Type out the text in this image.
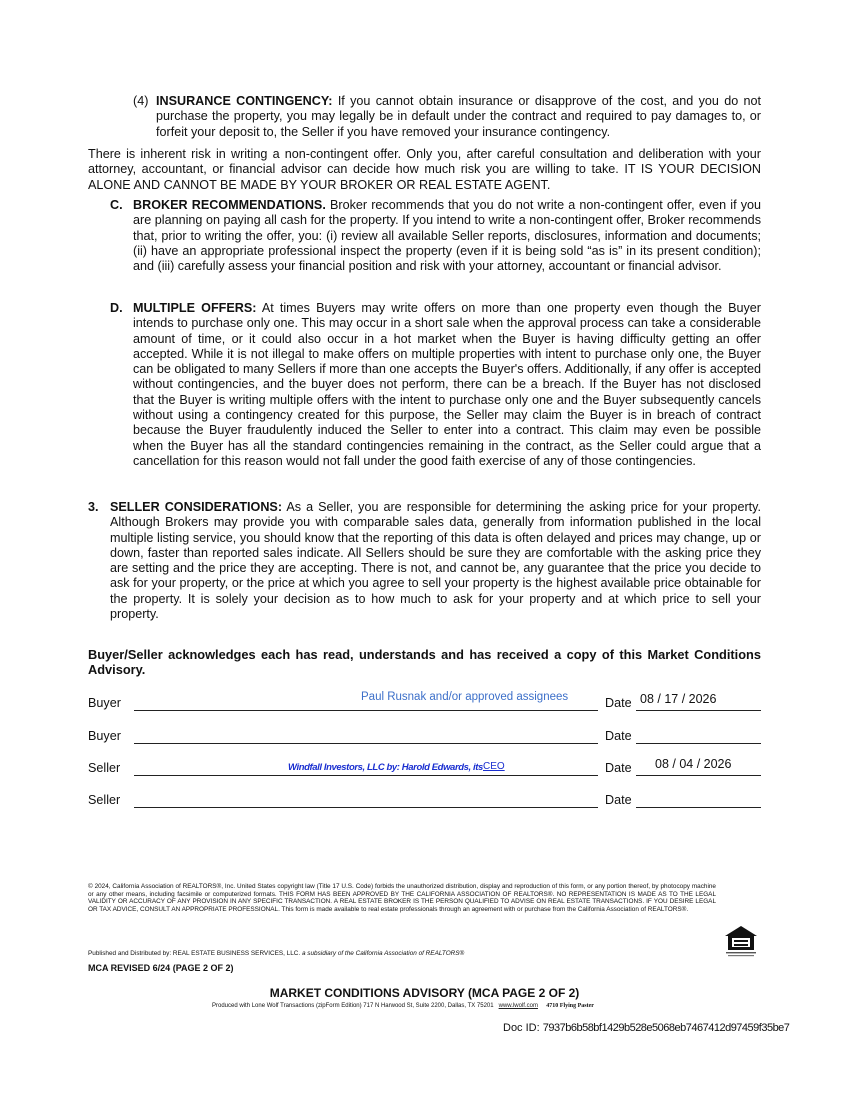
(4) INSURANCE CONTINGENCY: If you cannot obtain insurance or disapprove of the cost, and you do not purchase the property, you may legally be in default under the contract and required to pay damages to, or forfeit your deposit to, the Seller if you have removed your insurance contingency.
There is inherent risk in writing a non-contingent offer. Only you, after careful consultation and deliberation with your attorney, accountant, or financial advisor can decide how much risk you are willing to take. IT IS YOUR DECISION ALONE AND CANNOT BE MADE BY YOUR BROKER OR REAL ESTATE AGENT.
C. BROKER RECOMMENDATIONS. Broker recommends that you do not write a non-contingent offer, even if you are planning on paying all cash for the property. If you intend to write a non-contingent offer, Broker recommends that, prior to writing the offer, you: (i) review all available Seller reports, disclosures, information and documents; (ii) have an appropriate professional inspect the property (even if it is being sold “as is” in its present condition); and (iii) carefully assess your financial position and risk with your attorney, accountant or financial advisor.
D. MULTIPLE OFFERS: At times Buyers may write offers on more than one property even though the Buyer intends to purchase only one. This may occur in a short sale when the approval process can take a considerable amount of time, or it could also occur in a hot market when the Buyer is having difficulty getting an offer accepted. While it is not illegal to make offers on multiple properties with intent to purchase only one, the Buyer can be obligated to many Sellers if more than one accepts the Buyer's offers. Additionally, if any offer is accepted without contingencies, and the buyer does not perform, there can be a breach. If the Buyer has not disclosed that the Buyer is writing multiple offers with the intent to purchase only one and the Buyer subsequently cancels without using a contingency created for this purpose, the Seller may claim the Buyer is in breach of contract because the Buyer fraudulently induced the Seller to enter into a contract. This claim may even be possible when the Buyer has all the standard contingencies remaining in the contract, as the Seller could argue that a cancellation for this reason would not fall under the good faith exercise of any of those contingencies.
3. SELLER CONSIDERATIONS: As a Seller, you are responsible for determining the asking price for your property. Although Brokers may provide you with comparable sales data, generally from information published in the local multiple listing service, you should know that the reporting of this data is often delayed and prices may change, up or down, faster than reported sales indicate. All Sellers should be sure they are comfortable with the asking price they are setting and the price they are accepting. There is not, and cannot be, any guarantee that the price you decide to ask for your property, or the price at which you agree to sell your property is the highest available price obtainable for the property. It is solely your decision as to how much to ask for your property and at which price to sell your property.
Buyer/Seller acknowledges each has read, understands and has received a copy of this Market Conditions Advisory.
Buyer	Paul Rusnak and/or approved assignees	Date 08 / 17 / 2026
Buyer	Date
Seller	Windfall Investors, LLC by: Harold Edwards, its CEO	Date 08 / 04 / 2026
Seller	Date
© 2024, California Association of REALTORS®, Inc. United States copyright law (Title 17 U.S. Code) forbids the unauthorized distribution, display and reproduction of this form, or any portion thereof, by photocopy machine or any other means, including facsimile or computerized formats. THIS FORM HAS BEEN APPROVED BY THE CALIFORNIA ASSOCIATION OF REALTORS®. NO REPRESENTATION IS MADE AS TO THE LEGAL VALIDITY OR ACCURACY OF ANY PROVISION IN ANY SPECIFIC TRANSACTION. A REAL ESTATE BROKER IS THE PERSON QUALIFIED TO ADVISE ON REAL ESTATE TRANSACTIONS. IF YOU DESIRE LEGAL OR TAX ADVICE, CONSULT AN APPROPRIATE PROFESSIONAL. This form is made available to real estate professionals through an agreement with or purchase from the California Association of REALTORS®.
Published and Distributed by: REAL ESTATE BUSINESS SERVICES, LLC. a subsidiary of the California Association of REALTORS®
MCA REVISED 6/24 (PAGE 2 OF 2)
MARKET CONDITIONS ADVISORY (MCA PAGE 2 OF 2)
Produced with Lone Wolf Transactions (zipForm Edition) 717 N Harwood St, Suite 2200, Dallas, TX 75201 www.lwolf.com 4710 Flying Paster
Doc ID: 7937b6b58bf1429b528e5068eb7467412d97459f35be7
